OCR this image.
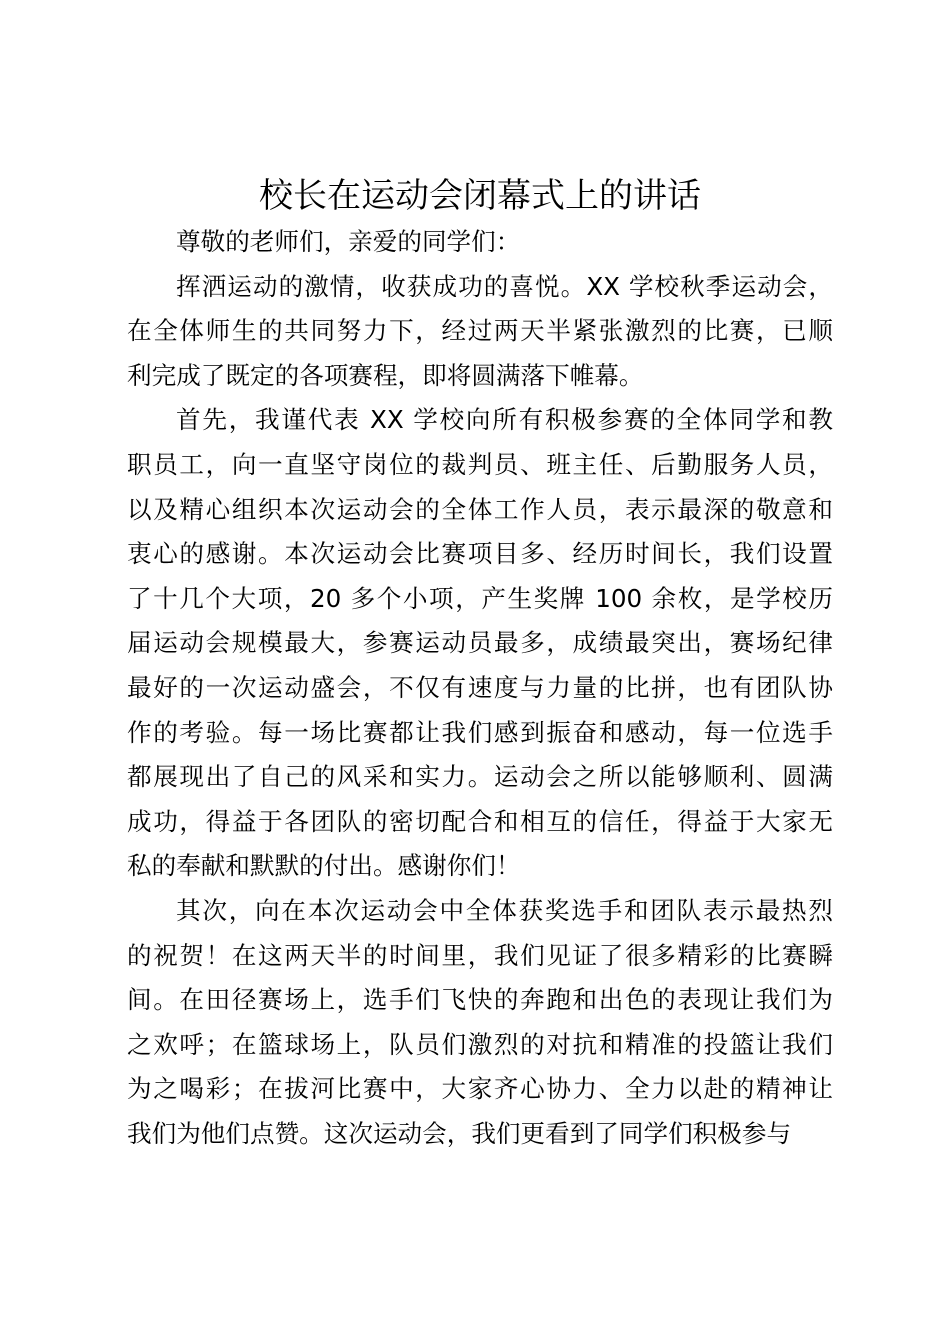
校长在运动会闭幕式上的讲话

尊敬的老师们，亲爱的同学们：

挥洒运动的激情，收获成功的喜悦。XX 学校秋季运动会，
在全体师生的共同努力下，经过两天半紧张激烈的比赛，已顺
利完成了既定的各项赛程，即将圆满落下帷幕。
首先，我谨代表 XX 学校向所有积极参赛的全体同学和教
职员工，向一直坚守岗位的裁判员、班主任、后勤服务人员，
以及精心组织本次运动会的全体工作人员，表示最深的敬意和
衷心的感谢。本次运动会比赛项目多、经历时间长，我们设置
了十几个大项，20 多个小项，产生奖牌 100 余枚，是学校历
届运动会规模最大，参赛运动员最多，成绩最突出，赛场纪律
最好的一次运动盛会，不仅有速度与力量的比拼，也有团队协
作的考验。每一场比赛都让我们感到振奋和感动，每一位选手
都展现出了自己的风采和实力。运动会之所以能够顺利、圆满
成功，得益于各团队的密切配合和相互的信任，得益于大家无
私的奉献和默默的付出。感谢你们！
其次，向在本次运动会中全体获奖选手和团队表示最热烈
的祝贺！在这两天半的时间里，我们见证了很多精彩的比赛瞬
间。在田径赛场上，选手们飞快的奔跑和出色的表现让我们为
之欢呼；在篮球场上，队员们激烈的对抗和精准的投篮让我们
为之喝彩；在拔河比赛中，大家齐心协力、全力以赴的精神让
我们为他们点赞。这次运动会，我们更看到了同学们积极参与
